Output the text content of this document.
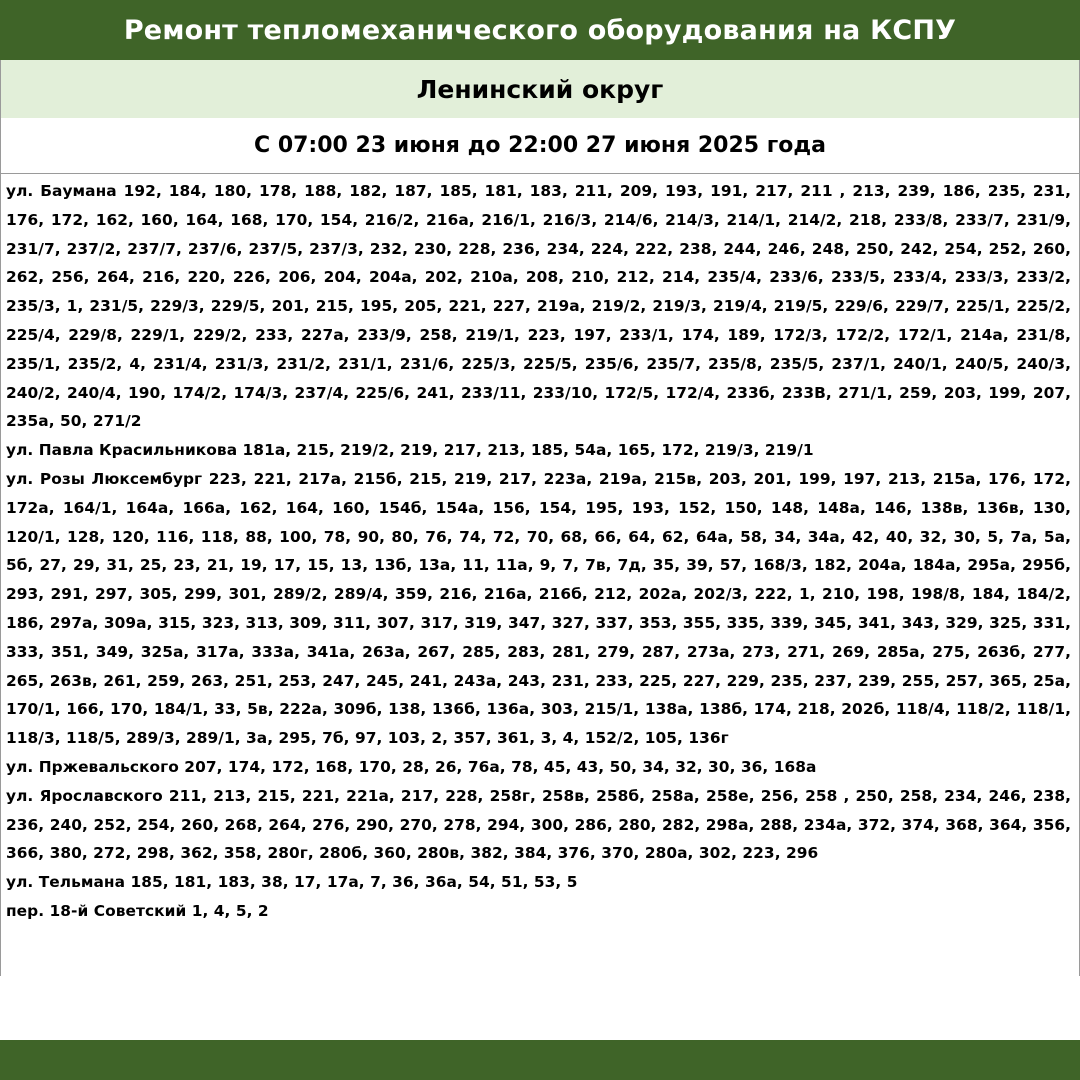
Ремонт тепломеханического оборудования на КСПУ
Ленинский округ
С 07:00 23 июня до 22:00 27 июня 2025 года
ул. Баумана 192, 184, 180, 178, 188, 182, 187, 185, 181, 183, 211, 209, 193, 191, 217, 211 , 213, 239, 186, 235, 231, 176, 172, 162, 160, 164, 168, 170, 154, 216/2, 216а, 216/1, 216/3, 214/6, 214/3, 214/1, 214/2, 218, 233/8, 233/7, 231/9, 231/7, 237/2, 237/7, 237/6, 237/5, 237/3, 232, 230, 228, 236, 234, 224, 222, 238, 244, 246, 248, 250, 242, 254, 252, 260, 262, 256, 264, 216, 220, 226, 206, 204, 204а, 202, 210а, 208, 210, 212, 214, 235/4, 233/6, 233/5, 233/4, 233/3, 233/2, 235/3, 1, 231/5, 229/3, 229/5, 201, 215, 195, 205, 221, 227, 219а, 219/2, 219/3, 219/4, 219/5, 229/6, 229/7, 225/1, 225/2, 225/4, 229/8, 229/1, 229/2, 233, 227а, 233/9, 258, 219/1, 223, 197, 233/1, 174, 189, 172/3, 172/2, 172/1, 214а, 231/8, 235/1, 235/2, 4, 231/4, 231/3, 231/2, 231/1, 231/6, 225/3, 225/5, 235/6, 235/7, 235/8, 235/5, 237/1, 240/1, 240/5, 240/3, 240/2, 240/4, 190, 174/2, 174/3, 237/4, 225/6, 241, 233/11, 233/10, 172/5, 172/4, 233б, 233В, 271/1, 259, 203, 199, 207, 235а, 50, 271/2
ул. Павла Красильникова 181а, 215, 219/2, 219, 217, 213, 185, 54а, 165, 172, 219/3, 219/1
ул. Розы Люксембург 223, 221, 217а, 215б, 215, 219, 217, 223а, 219а, 215в, 203, 201, 199, 197, 213, 215а, 176, 172, 172а, 164/1, 164а, 166а, 162, 164, 160, 154б, 154а, 156, 154, 195, 193, 152, 150, 148, 148а, 146, 138в, 136в, 130, 120/1, 128, 120, 116, 118, 88, 100, 78, 90, 80, 76, 74, 72, 70, 68, 66, 64, 62, 64а, 58, 34, 34а, 42, 40, 32, 30, 5, 7а, 5а, 5б, 27, 29, 31, 25, 23, 21, 19, 17, 15, 13, 13б, 13а, 11, 11а, 9, 7, 7в, 7д, 35, 39, 57, 168/3, 182, 204а, 184а, 295а, 295б, 293, 291, 297, 305, 299, 301, 289/2, 289/4, 359, 216, 216а, 216б, 212, 202а, 202/3, 222, 1, 210, 198, 198/8, 184, 184/2, 186, 297а, 309а, 315, 323, 313, 309, 311, 307, 317, 319, 347, 327, 337, 353, 355, 335, 339, 345, 341, 343, 329, 325, 331, 333, 351, 349, 325а, 317а, 333а, 341а, 263а, 267, 285, 283, 281, 279, 287, 273а, 273, 271, 269, 285а, 275, 263б, 277, 265, 263в, 261, 259, 263, 251, 253, 247, 245, 241, 243а, 243, 231, 233, 225, 227, 229, 235, 237, 239, 255, 257, 365, 25а, 170/1, 166, 170, 184/1, 33, 5в, 222а, 309б, 138, 136б, 136а, 303, 215/1, 138а, 138б, 174, 218, 202б, 118/4, 118/2, 118/1, 118/3, 118/5, 289/3, 289/1, 3а, 295, 7б, 97, 103, 2, 357, 361, 3, 4, 152/2, 105, 136г
ул. Пржевальского 207, 174, 172, 168, 170, 28, 26, 76а, 78, 45, 43, 50, 34, 32, 30, 36, 168а
ул. Ярославского 211, 213, 215, 221, 221а, 217, 228, 258г, 258в, 258б, 258а, 258е, 256, 258 , 250, 258, 234, 246, 238, 236, 240, 252, 254, 260, 268, 264, 276, 290, 270, 278, 294, 300, 286, 280, 282, 298а, 288, 234а, 372, 374, 368, 364, 356, 366, 380, 272, 298, 362, 358, 280г, 280б, 360, 280в, 382, 384, 376, 370, 280а, 302, 223, 296
ул. Тельмана 185, 181, 183, 38, 17, 17а, 7, 36, 36а, 54, 51, 53, 5
пер. 18-й Советский 1, 4, 5, 2
